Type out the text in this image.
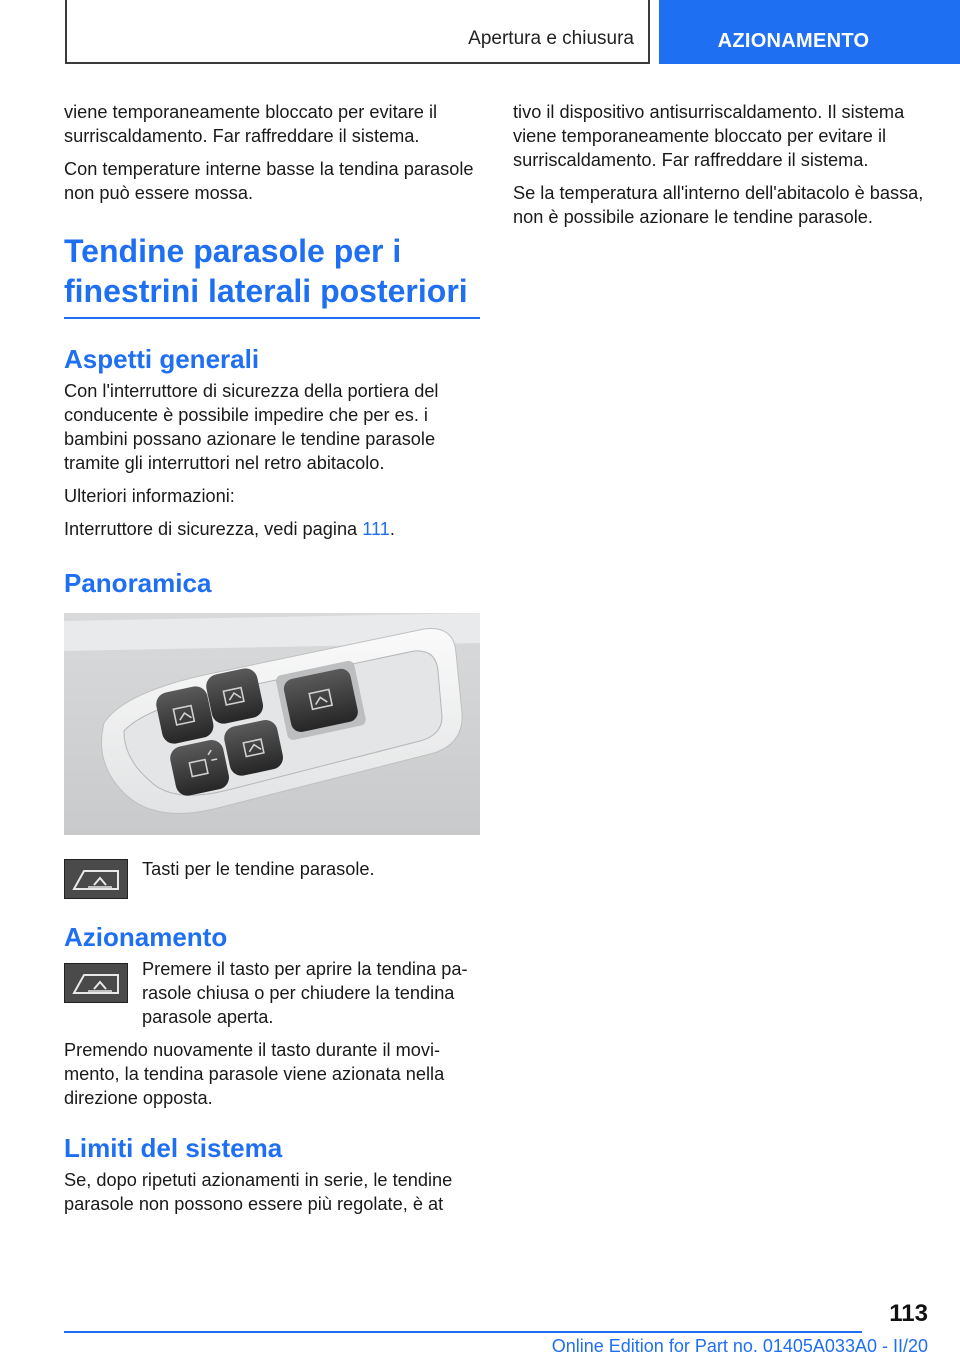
Apertura e chiusura	AZIONAMENTO

viene temporaneamente bloccato per evitare il surriscaldamento. Far raffreddare il sistema.

Con temperature interne basse la tendina parasole non può essere mossa.

Tendine parasole per i finestrini laterali posteriori
Aspetti generali

Con l'interruttore di sicurezza della portiera del conducente è possibile impedire che per es. i bambini possano azionare le tendine parasole tramite gli interruttori nel retro abitacolo.

Ulteriori informazioni:

Interruttore di sicurezza, vedi pagina 111.

Panoramica

Tasti per le tendine parasole.

Azionamento

Premere il tasto per aprire la tendina parasole chiusa o per chiudere la tendina parasole aperta.

Premendo nuovamente il tasto durante il movimento, la tendina parasole viene azionata nella direzione opposta.

Limiti del sistema

Se, dopo ripetuti azionamenti in serie, le tendine parasole non possono essere più regolate, è at

tivo il dispositivo antisurriscaldamento. Il sistema viene temporaneamente bloccato per evitare il surriscaldamento. Far raffreddare il sistema.

Se la temperatura all'interno dell'abitacolo è bassa, non è possibile azionare le tendine parasole.

113
Online Edition for Part no. 01405A033A0 - II/20
